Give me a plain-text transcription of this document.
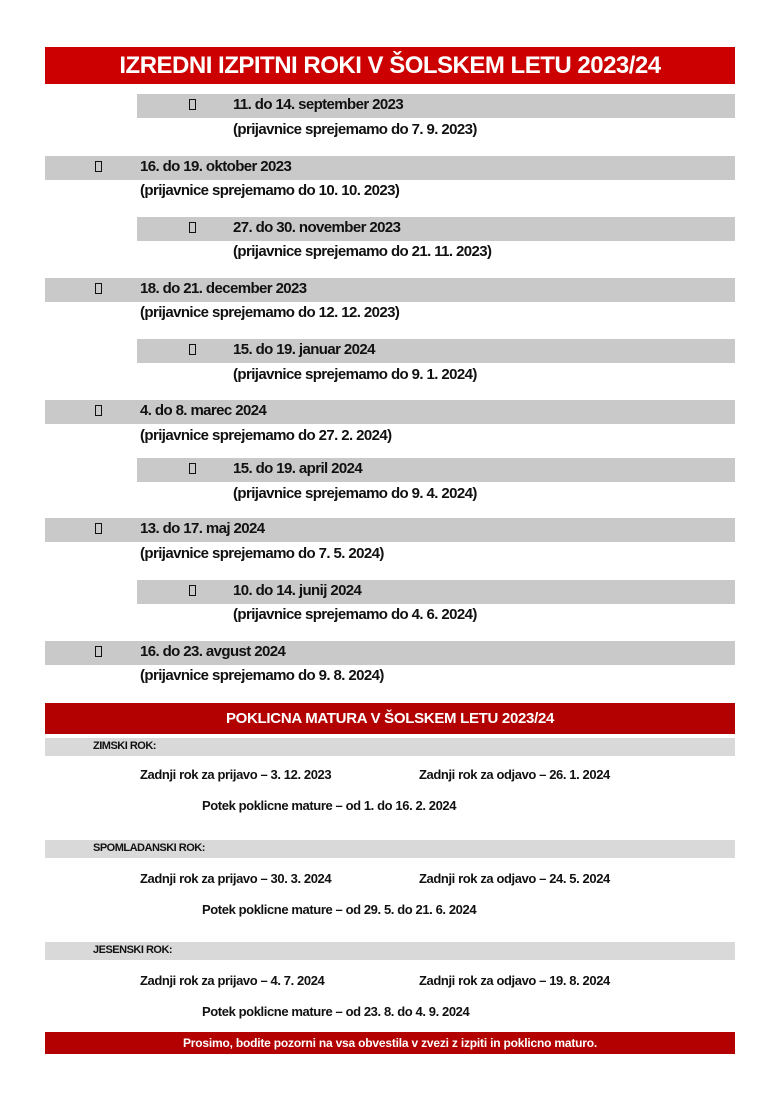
IZREDNI IZPITNI ROKI V ŠOLSKEM LETU 2023/24
11. do 14. september 2023
(prijavnice sprejemamo do 7. 9. 2023)
16. do 19. oktober 2023
(prijavnice sprejemamo do 10. 10. 2023)
27. do 30. november 2023
(prijavnice sprejemamo do 21. 11. 2023)
18. do 21. december 2023
(prijavnice sprejemamo do 12. 12. 2023)
15. do 19. januar 2024
(prijavnice sprejemamo do 9. 1. 2024)
4. do 8. marec 2024
(prijavnice sprejemamo do 27. 2. 2024)
15. do 19. april 2024
(prijavnice sprejemamo do 9. 4. 2024)
13. do 17. maj 2024
(prijavnice sprejemamo do 7. 5. 2024)
10. do 14. junij 2024
(prijavnice sprejemamo do 4. 6. 2024)
16. do 23. avgust 2024
(prijavnice sprejemamo do 9. 8. 2024)
POKLICNA MATURA V ŠOLSKEM LETU 2023/24
ZIMSKI ROK:
Zadnji rok za prijavo – 3. 12. 2023	Zadnji rok za odjavo – 26. 1. 2024
Potek poklicne mature – od 1. do 16. 2. 2024
SPOMLADANSKI ROK:
Zadnji rok za prijavo – 30. 3. 2024	Zadnji rok za odjavo – 24. 5. 2024
Potek poklicne mature – od 29. 5. do 21. 6. 2024
JESENSKI ROK:
Zadnji rok za prijavo – 4. 7. 2024	Zadnji rok za odjavo – 19. 8. 2024
Potek poklicne mature – od 23. 8. do 4. 9. 2024
Prosimo, bodite pozorni na vsa obvestila v zvezi z izpiti in poklicno maturo.
